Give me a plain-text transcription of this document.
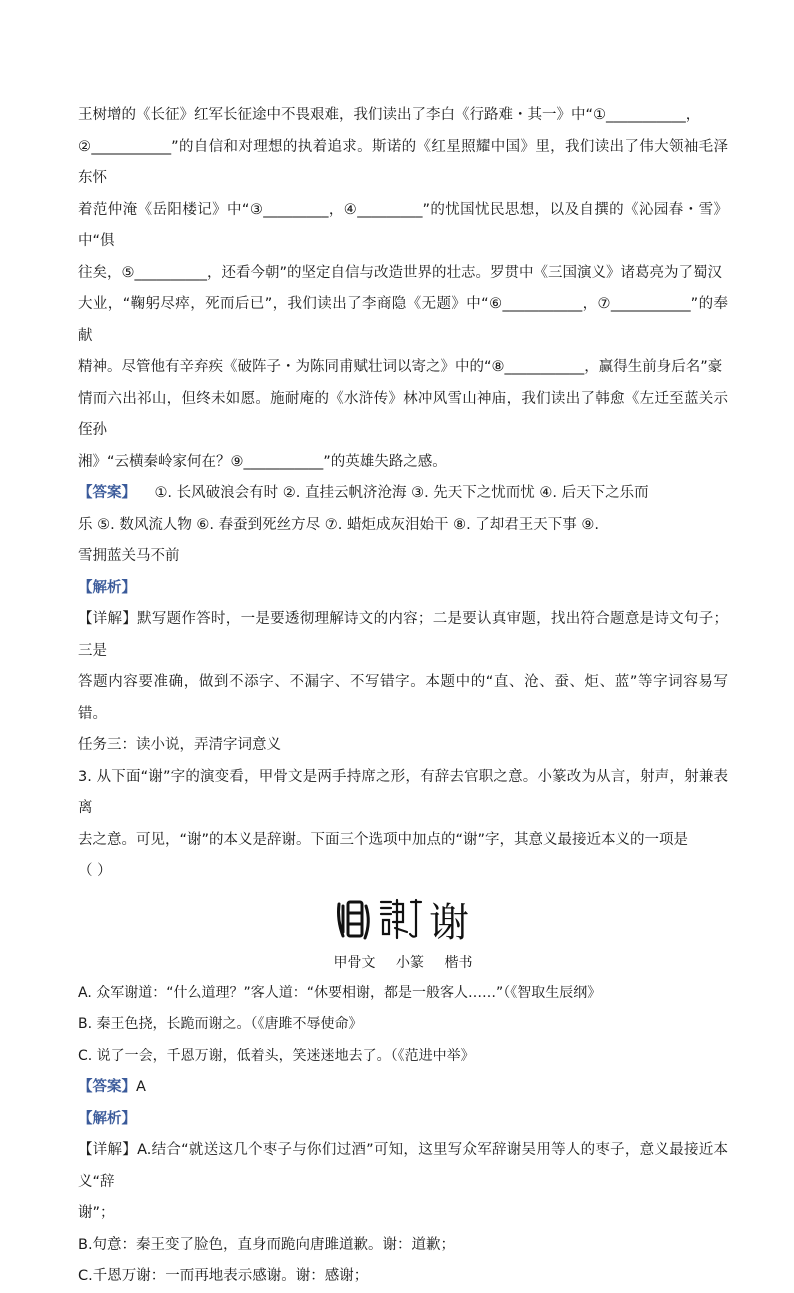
王树增的《长征》红军长征途中不畏艰难，我们读出了李白《行路难・其一》中“①___________，

②___________”的自信和对理想的执着追求。斯诺的《红星照耀中国》里，我们读出了伟大领袖毛泽东怀

着范仲淹《岳阳楼记》中“③_________，④_________”的忧国忧民思想，以及自撰的《沁园春・雪》中“俱

往矣，⑤__________，还看今朝”的坚定自信与改造世界的壮志。罗贯中《三国演义》诸葛亮为了蜀汉

大业，“鞠躬尽瘁，死而后已”，我们读出了李商隐《无题》中“⑥___________，⑦___________”的奉献

精神。尽管他有辛弃疾《破阵子・为陈同甫赋壮词以寄之》中的“⑧___________，赢得生前身后名”豪

情而六出祁山，但终未如愿。施耐庵的《水浒传》林冲风雪山神庙，我们读出了韩愈《左迁至蓝关示侄孙

湘》“云横秦岭家何在？⑨___________”的英雄失路之感。

【答案】 ①. 长风破浪会有时 ②. 直挂云帆济沧海 ③. 先天下之忧而忧 ④. 后天下之乐而

乐 ⑤. 数风流人物 ⑥. 春蚕到死丝方尽 ⑦. 蜡炬成灰泪始干 ⑧. 了却君王天下事 ⑨.

雪拥蓝关马不前

【解析】

【详解】默写题作答时，一是要透彻理解诗文的内容；二是要认真审题，找出符合题意是诗文句子；三是

答题内容要准确，做到不添字、不漏字、不写错字。本题中的“直、沧、蚕、炬、蓝”等字词容易写错。

任务三：读小说，弄清字词意义

3. 从下面“谢”字的演变看，甲骨文是两手持席之形，有辞去官职之意。小篆改为从言，射声，射兼表离

去之意。可见，“谢”的本义是辞谢。下面三个选项中加点的“谢”字，其意义最接近本义的一项是

（ ）

谢

甲骨文 小篆 楷书

A. 众军谢道：“什么道理？”客人道：“休要相谢，都是一般客人……”（《智取生辰纲》

B. 秦王色挠，长跪而谢之。（《唐雎不辱使命》

C. 说了一会，千恩万谢，低着头，笑迷迷地去了。（《范进中举》

【答案】A

【解析】

【详解】A.结合“就送这几个枣子与你们过酒”可知，这里写众军辞谢吴用等人的枣子，意义最接近本义“辞

谢”；

B.句意：秦王变了脸色，直身而跪向唐雎道歉。谢：道歉；

C.千恩万谢：一而再地表示感谢。谢：感谢；
